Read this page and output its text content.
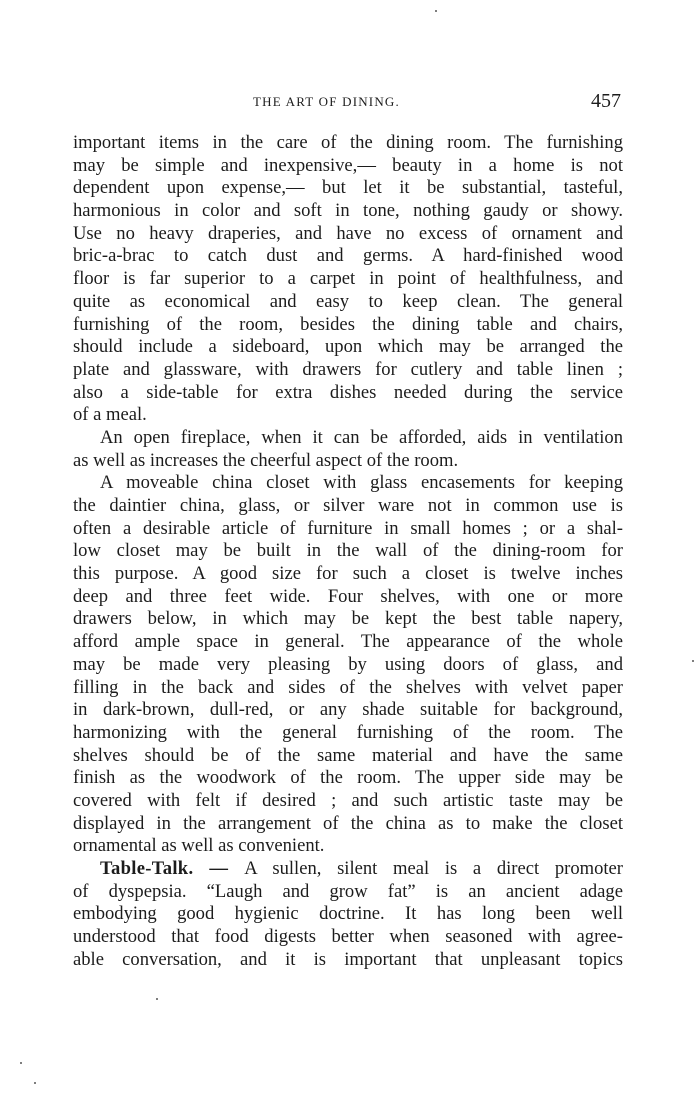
THE ART OF DINING.	457
important items in the care of the dining room. The furnishing
may be simple and inexpensive,— beauty in a home is not
dependent upon expense,— but let it be substantial, tasteful,
harmonious in color and soft in tone, nothing gaudy or showy.
Use no heavy draperies, and have no excess of ornament and
bric-a-brac to catch dust and germs. A hard-finished wood
floor is far superior to a carpet in point of healthfulness, and
quite as economical and easy to keep clean. The general
furnishing of the room, besides the dining table and chairs,
should include a sideboard, upon which may be arranged the
plate and glassware, with drawers for cutlery and table linen ;
also a side-table for extra dishes needed during the service
of a meal.
An open fireplace, when it can be afforded, aids in ventilation
as well as increases the cheerful aspect of the room.
A moveable china closet with glass encasements for keeping
the daintier china, glass, or silver ware not in common use is
often a desirable article of furniture in small homes ; or a shal-
low closet may be built in the wall of the dining-room for
this purpose. A good size for such a closet is twelve inches
deep and three feet wide. Four shelves, with one or more
drawers below, in which may be kept the best table napery,
afford ample space in general. The appearance of the whole
may be made very pleasing by using doors of glass, and
filling in the back and sides of the shelves with velvet paper
in dark-brown, dull-red, or any shade suitable for background,
harmonizing with the general furnishing of the room. The
shelves should be of the same material and have the same
finish as the woodwork of the room. The upper side may be
covered with felt if desired ; and such artistic taste may be
displayed in the arrangement of the china as to make the closet
ornamental as well as convenient.
Table-Talk. — A sullen, silent meal is a direct promoter
of dyspepsia. “Laugh and grow fat” is an ancient adage
embodying good hygienic doctrine. It has long been well
understood that food digests better when seasoned with agree-
able conversation, and it is important that unpleasant topics
